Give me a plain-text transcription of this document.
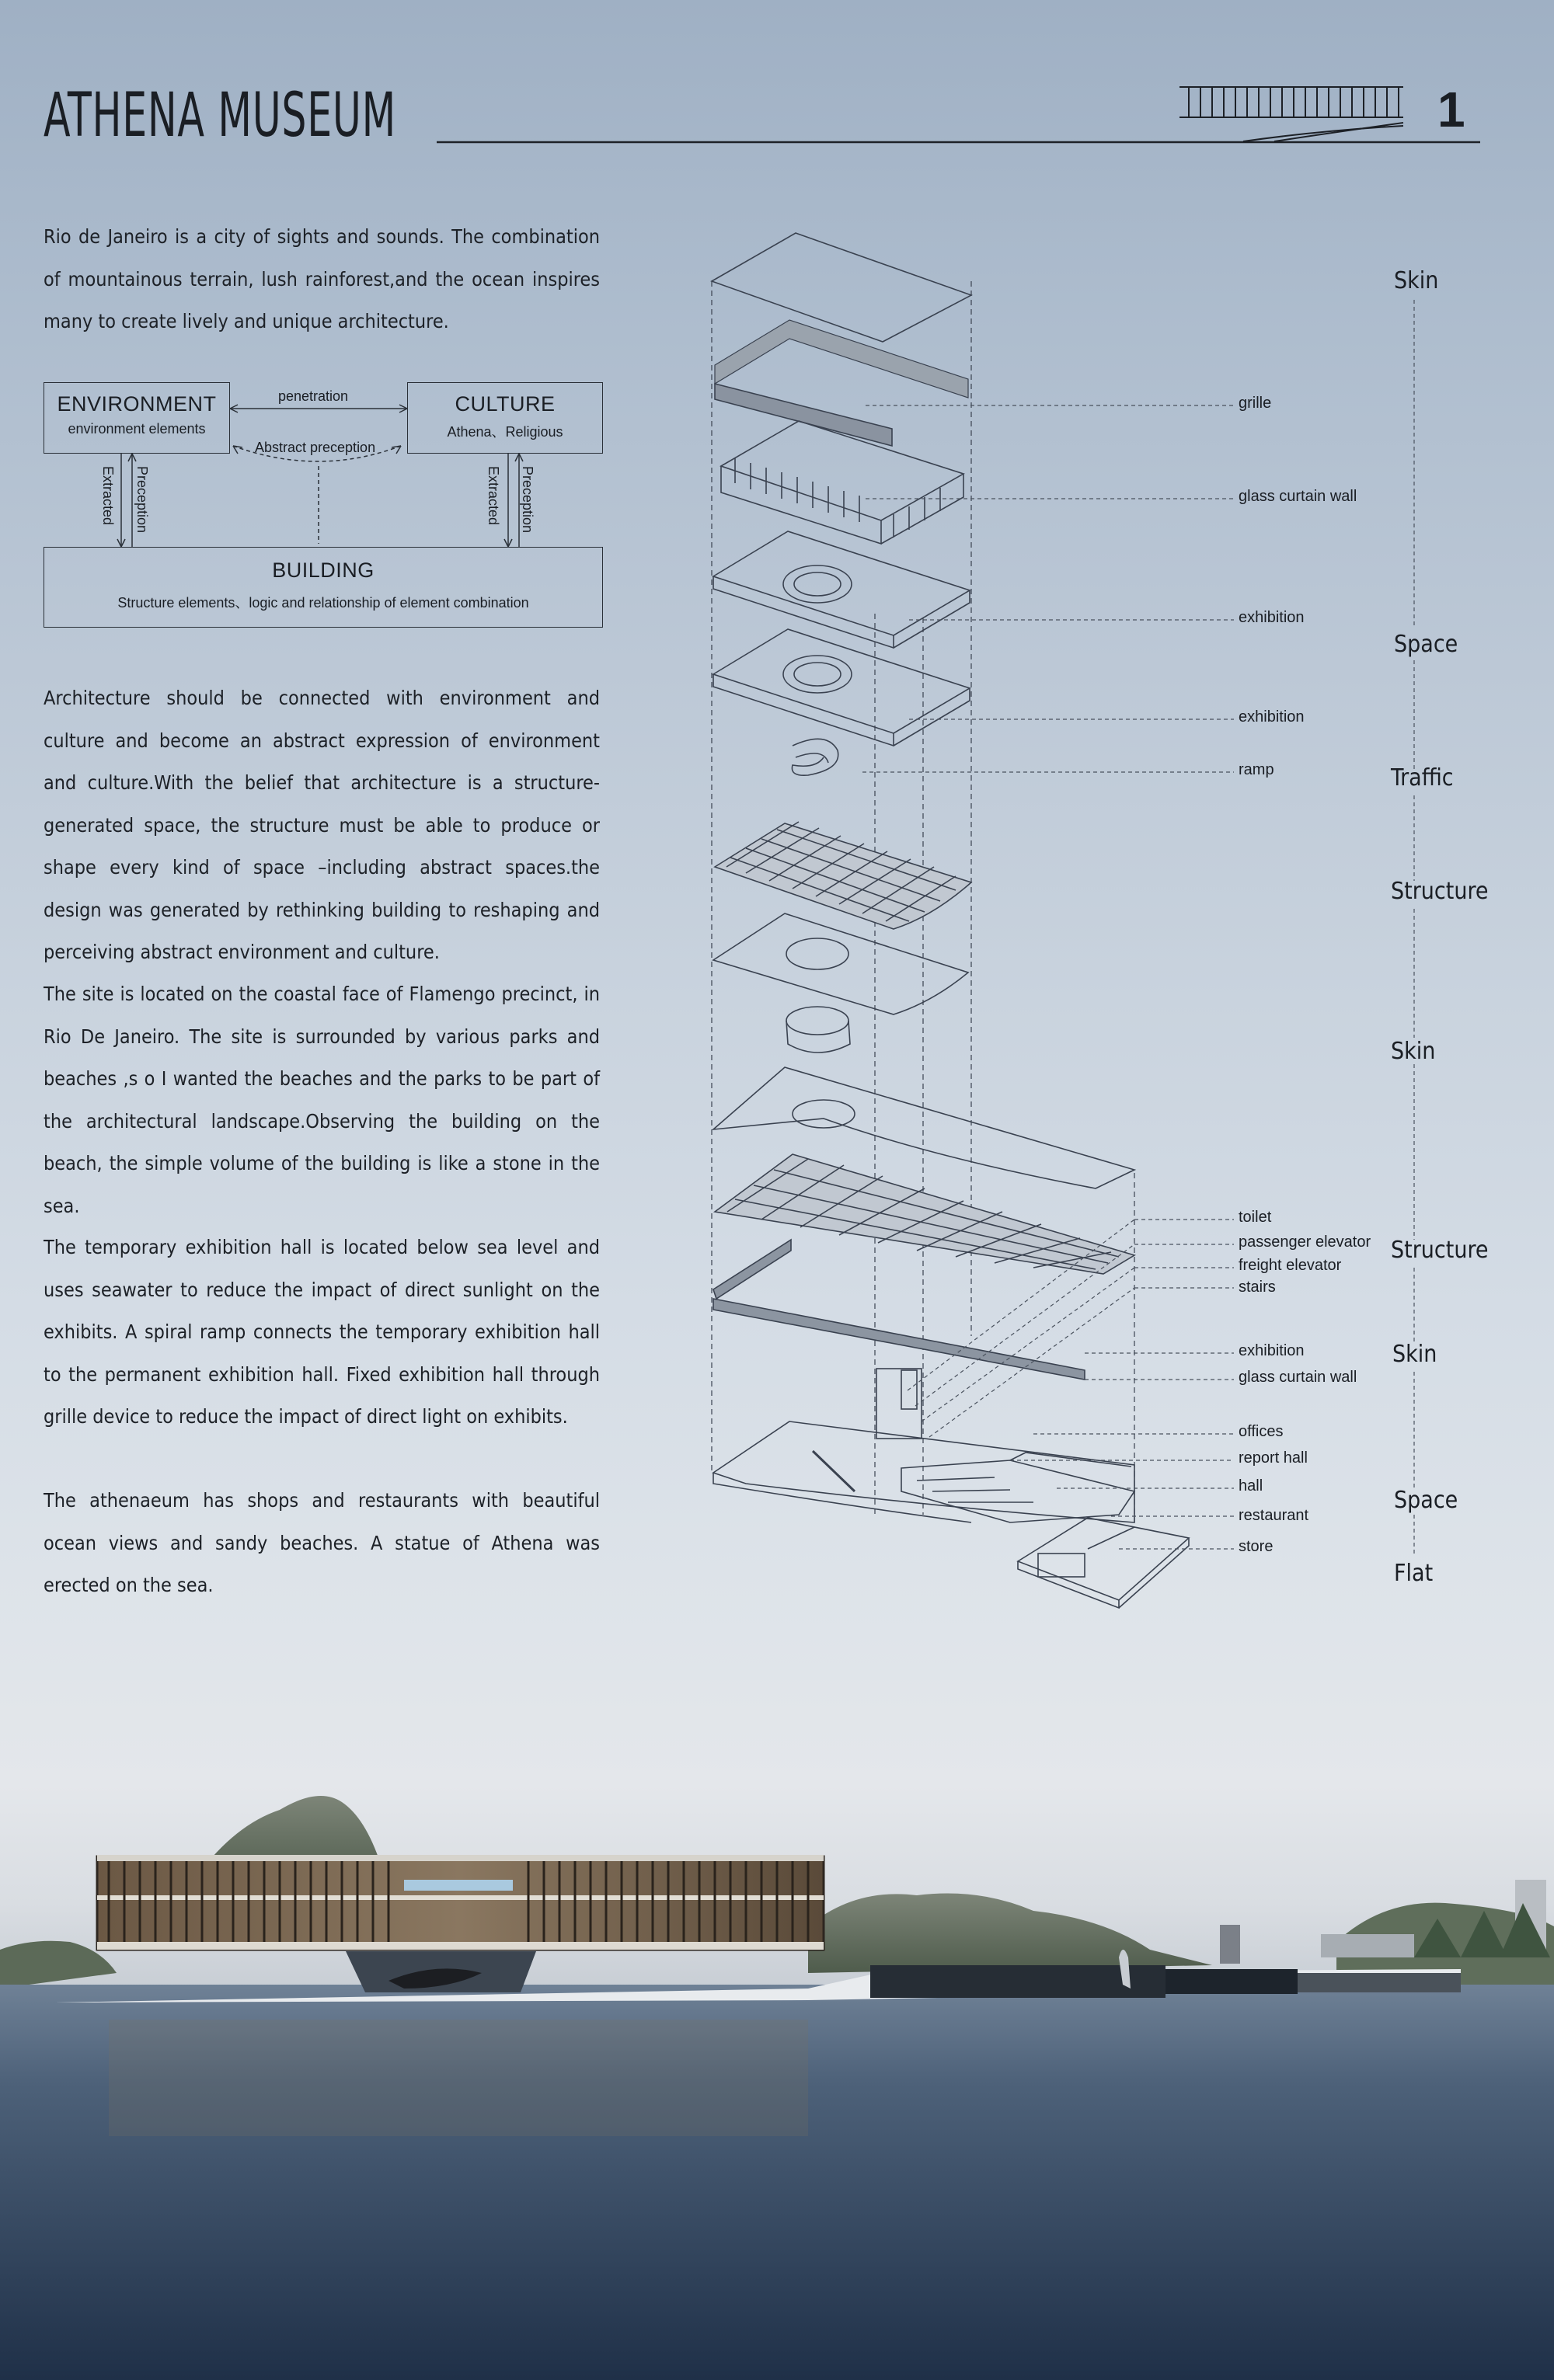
ATHENA MUSEUM	1
Rio de Janeiro is a city of sights and sounds. The combination of mountainous terrain, lush rainforest,and the ocean inspires many to create lively and unique architecture.
ENVIRONMENT
environment elements
CULTURE
Athena、Religious
BUILDING
Structure elements、logic and relationship of element combination
penetration
Abstract preception
Extracted Preception	Extracted Preception
Architecture should be connected with environment and culture and become an abstract expression of environment and culture.With the belief that architecture is a structure-generated space, the structure must be able to produce or shape every kind of space –including abstract spaces.the design was generated by rethinking building to reshaping and perceiving abstract environment and culture.
The site is located on the coastal face of Flamengo precinct, in Rio De Janeiro. The site is surrounded by various parks and beaches ,s o I wanted the beaches and the parks to be part of the architectural landscape.Observing the building on the beach, the simple volume of the building is like a stone in the sea.
The temporary exhibition hall is located below sea level and uses seawater to reduce the impact of direct sunlight on the exhibits. A spiral ramp connects the temporary exhibition hall to the permanent exhibition hall. Fixed exhibition hall through grille device to reduce the impact of direct light on exhibits.
The athenaeum has shops and restaurants with beautiful ocean views and sandy beaches. A statue of Athena was erected on the sea.
grille
glass curtain wall
exhibition
exhibition
ramp
toilet
passenger elevator
freight elevator
stairs
exhibition
glass curtain wall
offices
report hall
hall
restaurant
store
Skin
Space
Traffic
Structure
Skin
Structure
Skin
Space
Flat
